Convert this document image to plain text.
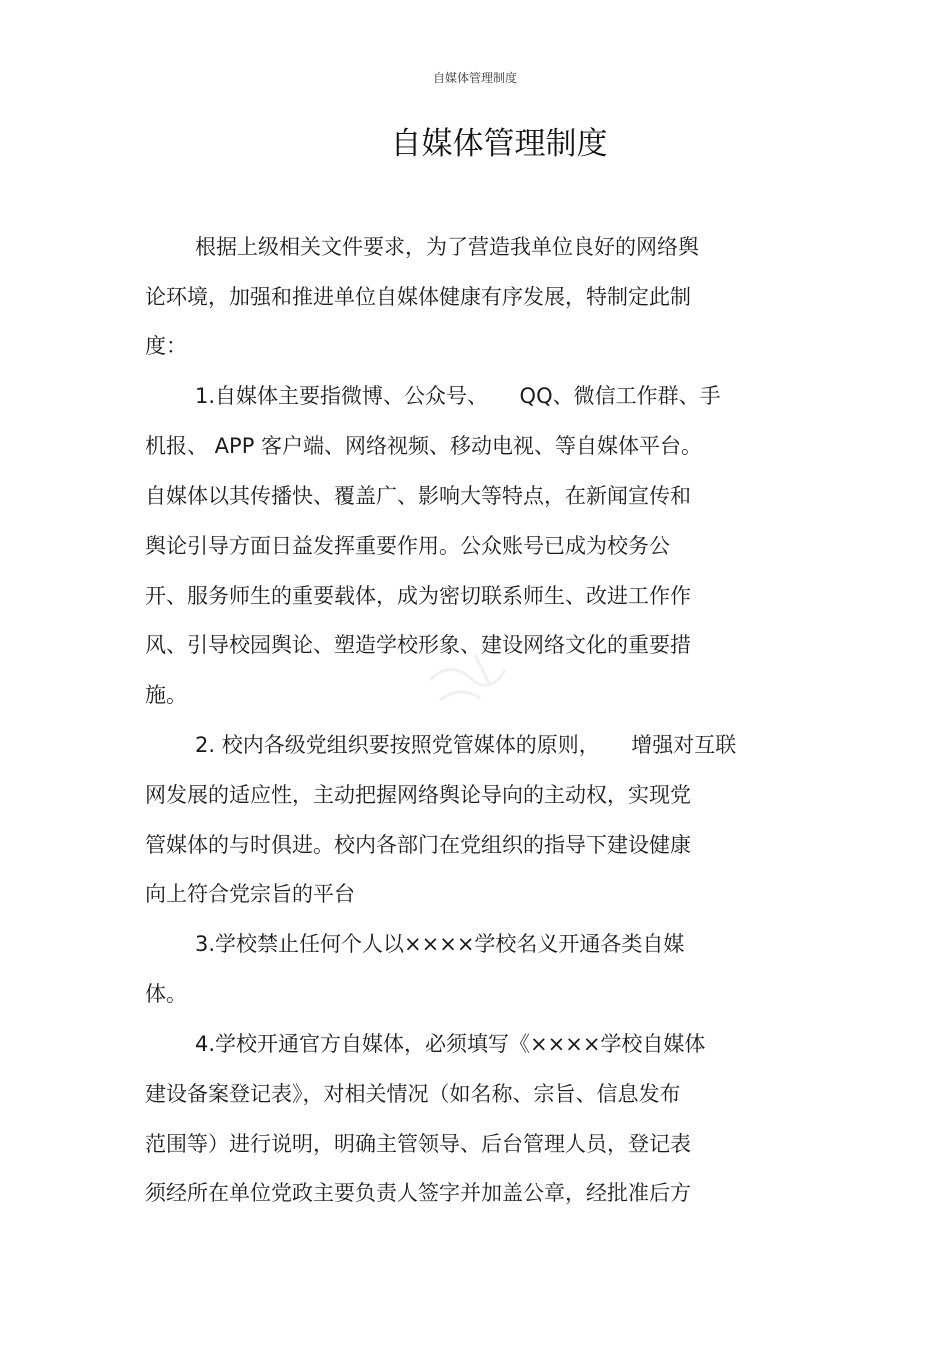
自媒体管理制度
自媒体管理制度
根据上级相关文件要求，为了营造我单位良好的网络舆
论环境，加强和推进单位自媒体健康有序发展，特制定此制
度：
1.自媒体主要指微博、公众号、　　QQ、微信工作群、手
机报、 APP 客户端、网络视频、移动电视、等自媒体平台。
自媒体以其传播快、覆盖广、影响大等特点，在新闻宣传和
舆论引导方面日益发挥重要作用。公众账号已成为校务公
开、服务师生的重要载体，成为密切联系师生、改进工作作
风、引导校园舆论、塑造学校形象、建设网络文化的重要措
施。
2. 校内各级党组织要按照党管媒体的原则，　　增强对互联
网发展的适应性，主动把握网络舆论导向的主动权，实现党
管媒体的与时俱进。校内各部门在党组织的指导下建设健康
向上符合党宗旨的平台
3.学校禁止任何个人以××××学校名义开通各类自媒
体。
4.学校开通官方自媒体，必须填写《××××学校自媒体
建设备案登记表》，对相关情况（如名称、宗旨、信息发布
范围等）进行说明，明确主管领导、后台管理人员，登记表
须经所在单位党政主要负责人签字并加盖公章，经批准后方
